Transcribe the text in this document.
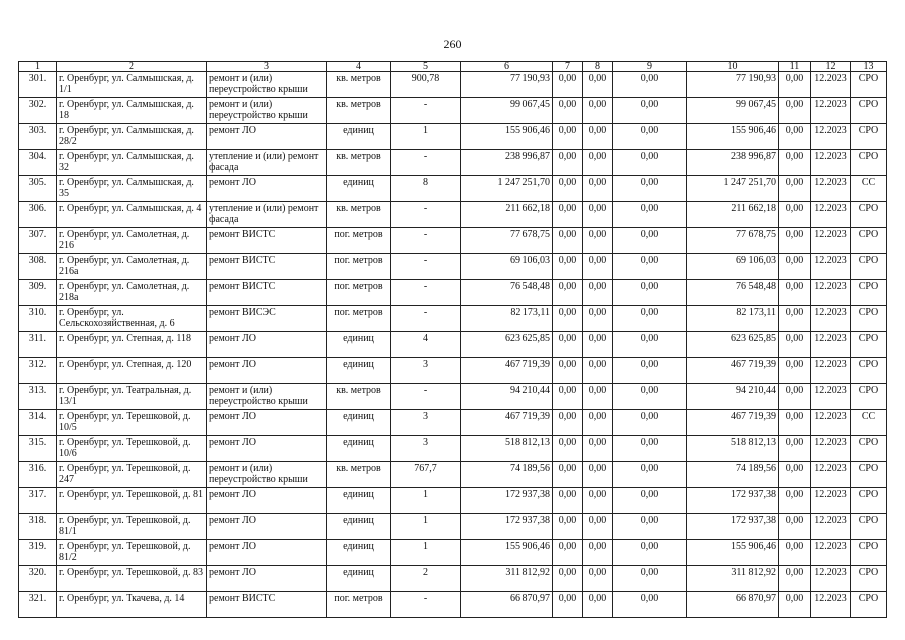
260
1	2	3	4	5	6	7	8	9	10	11	12	13
301.	г. Оренбург, ул. Салмышская, д. 1/1	ремонт и (или) переустройство крыши	кв. метров	900,78	77 190,93	0,00	0,00	0,00	77 190,93	0,00	12.2023	СРО
302.	г. Оренбург, ул. Салмышская, д. 18	ремонт и (или) переустройство крыши	кв. метров	-	99 067,45	0,00	0,00	0,00	99 067,45	0,00	12.2023	СРО
303.	г. Оренбург, ул. Салмышская, д. 28/2	ремонт ЛО	единиц	1	155 906,46	0,00	0,00	0,00	155 906,46	0,00	12.2023	СРО
304.	г. Оренбург, ул. Салмышская, д. 32	утепление и (или) ремонт фасада	кв. метров	-	238 996,87	0,00	0,00	0,00	238 996,87	0,00	12.2023	СРО
305.	г. Оренбург, ул. Салмышская, д. 35	ремонт ЛО	единиц	8	1 247 251,70	0,00	0,00	0,00	1 247 251,70	0,00	12.2023	СС
306.	г. Оренбург, ул. Салмышская, д. 4	утепление и (или) ремонт фасада	кв. метров	-	211 662,18	0,00	0,00	0,00	211 662,18	0,00	12.2023	СРО
307.	г. Оренбург, ул. Самолетная, д. 216	ремонт ВИСТС	пог. метров	-	77 678,75	0,00	0,00	0,00	77 678,75	0,00	12.2023	СРО
308.	г. Оренбург, ул. Самолетная, д. 216а	ремонт ВИСТС	пог. метров	-	69 106,03	0,00	0,00	0,00	69 106,03	0,00	12.2023	СРО
309.	г. Оренбург, ул. Самолетная, д. 218а	ремонт ВИСТС	пог. метров	-	76 548,48	0,00	0,00	0,00	76 548,48	0,00	12.2023	СРО
310.	г. Оренбург, ул. Сельскохозяйственная, д. 6	ремонт ВИСЭС	пог. метров	-	82 173,11	0,00	0,00	0,00	82 173,11	0,00	12.2023	СРО
311.	г. Оренбург, ул. Степная, д. 118	ремонт ЛО	единиц	4	623 625,85	0,00	0,00	0,00	623 625,85	0,00	12.2023	СРО
312.	г. Оренбург, ул. Степная, д. 120	ремонт ЛО	единиц	3	467 719,39	0,00	0,00	0,00	467 719,39	0,00	12.2023	СРО
313.	г. Оренбург, ул. Театральная, д. 13/1	ремонт и (или) переустройство крыши	кв. метров	-	94 210,44	0,00	0,00	0,00	94 210,44	0,00	12.2023	СРО
314.	г. Оренбург, ул. Терешковой, д. 10/5	ремонт ЛО	единиц	3	467 719,39	0,00	0,00	0,00	467 719,39	0,00	12.2023	СС
315.	г. Оренбург, ул. Терешковой, д. 10/6	ремонт ЛО	единиц	3	518 812,13	0,00	0,00	0,00	518 812,13	0,00	12.2023	СРО
316.	г. Оренбург, ул. Терешковой, д. 247	ремонт и (или) переустройство крыши	кв. метров	767,7	74 189,56	0,00	0,00	0,00	74 189,56	0,00	12.2023	СРО
317.	г. Оренбург, ул. Терешковой, д. 81	ремонт ЛО	единиц	1	172 937,38	0,00	0,00	0,00	172 937,38	0,00	12.2023	СРО
318.	г. Оренбург, ул. Терешковой, д. 81/1	ремонт ЛО	единиц	1	172 937,38	0,00	0,00	0,00	172 937,38	0,00	12.2023	СРО
319.	г. Оренбург, ул. Терешковой, д. 81/2	ремонт ЛО	единиц	1	155 906,46	0,00	0,00	0,00	155 906,46	0,00	12.2023	СРО
320.	г. Оренбург, ул. Терешковой, д. 83	ремонт ЛО	единиц	2	311 812,92	0,00	0,00	0,00	311 812,92	0,00	12.2023	СРО
321.	г. Оренбург, ул. Ткачева, д. 14	ремонт ВИСТС	пог. метров	-	66 870,97	0,00	0,00	0,00	66 870,97	0,00	12.2023	СРО
